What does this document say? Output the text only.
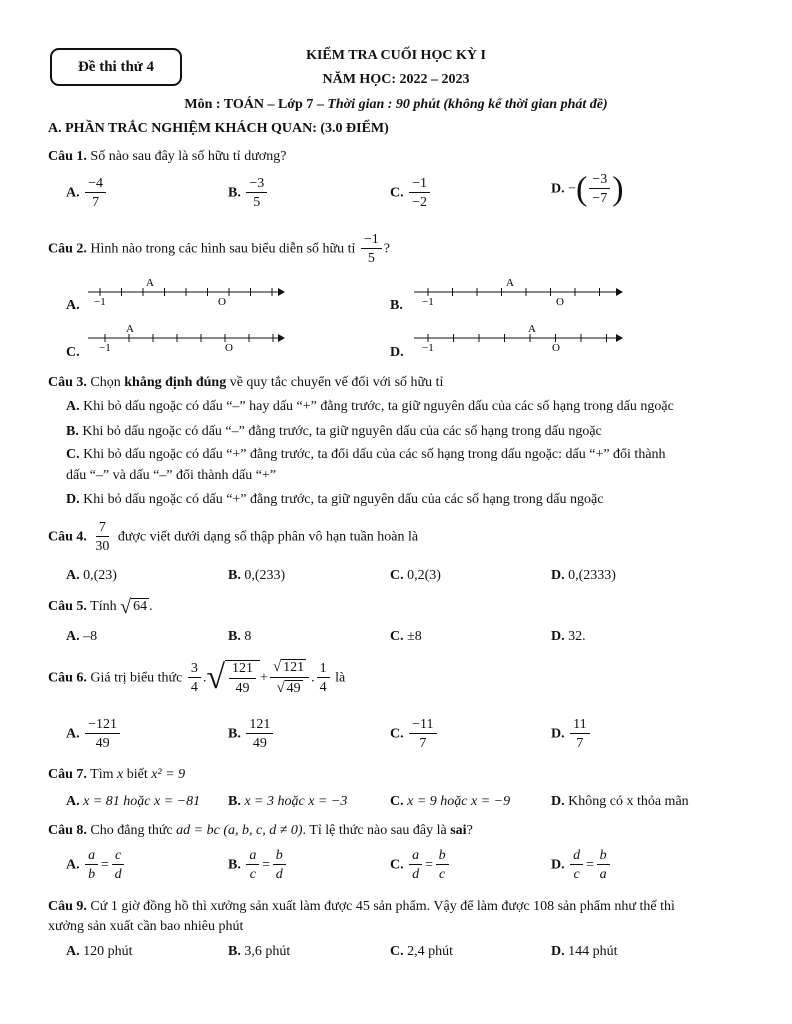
Đề thi thử 4
KIỂM TRA CUỐI HỌC KỲ I
NĂM HỌC: 2022 – 2023
Môn : TOÁN – Lớp 7 – Thời gian : 90 phút (không kể thời gian phát đề)
A. PHẦN TRẮC NGHIỆM KHÁCH QUAN: (3.0 ĐIỂM)
Câu 1. Số nào sau đây là số hữu tỉ dương?
A. $\frac{-4}{7}$	B. $\frac{-3}{5}$	C. $\frac{-1}{-2}$	D. −( $\frac{-3}{-7}$ )
Câu 2. Hình nào trong các hình sau biểu diễn số hữu tỉ $\frac{-1}{5}$ ?
A.
A
−1	O	B.
A
−1	O
C.
A
−1	O	D.
A
−1	O
Câu 3. Chọn khẳng định đúng về quy tắc chuyển vế đối với số hữu tỉ
A. Khi bỏ dấu ngoặc có dấu “–” hay dấu “+” đằng trước, ta giữ nguyên dấu của các số hạng trong dấu ngoặc
B. Khi bỏ dấu ngoặc có dấu “–” đằng trước, ta giữ nguyên dấu của các số hạng trong dấu ngoặc
C. Khi bỏ dấu ngoặc có dấu “+” đằng trước, ta đổi dấu của các số hạng trong dấu ngoặc: dấu “+” đổi thành
dấu “–” và dấu “–” đổi thành dấu “+”
D. Khi bỏ dấu ngoặc có dấu “+” đằng trước, ta giữ nguyên dấu của các số hạng trong dấu ngoặc
Câu 4. $\frac{7}{30}$ được viết dưới dạng số thập phân vô hạn tuần hoàn là
A. 0,(23)	B. 0,(233)	C. 0,2(3)	D. 0,(2333)
Câu 5. Tính √ 64 .
A. –8	B. 8	C. ±8	D. 32.
Câu 6. Giá trị biểu thức $\frac{3}{4}$ . √ $\frac{121}{49} + \frac{√ 121}{√ 49}$ . $\frac{1}{4}$ là
A. $\frac{-121}{49}$	B. $\frac{121}{49}$	C. $\frac{-11}{7}$	D. $\frac{11}{7}$
Câu 7. Tìm x biết x² = 9
A. x = 81 hoặc x = −81 B. x = 3 hoặc x = −3	C. x = 9 hoặc x = −9	D. Không có x thỏa mãn
Câu 8. Cho đẳng thức ad = bc (a, b, c, d ≠ 0). Tỉ lệ thức nào sau đây là sai?
A. $\frac{a}{b} = \frac{c}{d}$	B. $\frac{a}{c} = \frac{b}{d}$	C. $\frac{a}{d} = \frac{b}{c}$	D. $\frac{d}{c} = \frac{b}{a}$
Câu 9. Cứ 1 giờ đồng hồ thì xưởng sản xuất làm được 45 sản phẩm. Vậy để làm được 108 sản phẩm như thế thì
xưởng sản xuất cần bao nhiêu phút
A. 120 phút	B. 3,6 phút	C. 2,4 phút	D. 144 phút
